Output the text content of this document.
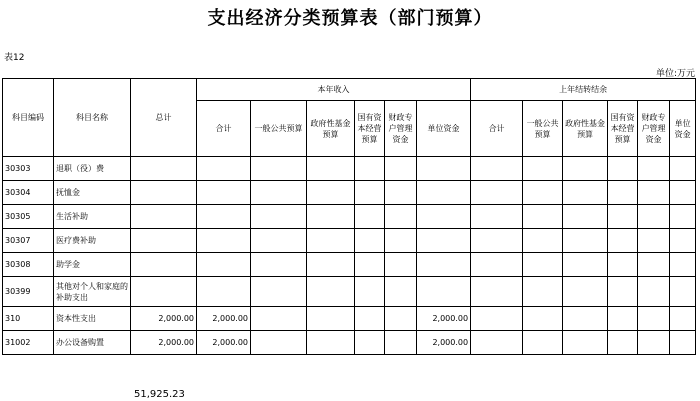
支出经济分类预算表（部门预算）
表12
单位:万元
科目编码	科目名称	总计	本年收入						上年结转结余					
			合计	一般公共预算	政府性基金预算	国有资本经营预算	财政专户管理资金	单位资金	合计	一般公共预算	政府性基金预算	国有资本经营预算	财政专户管理资金	单位资金
30303	退职（役）费													
30304	抚恤金													
30305	生活补助													
30307	医疗费补助													
30308	助学金													
30399	其他对个人和家庭的补助支出													
310	资本性支出	2,000.00	2,000.00					2,000.00						
31002	办公设备购置	2,000.00	2,000.00					2,000.00						
51,925.23
